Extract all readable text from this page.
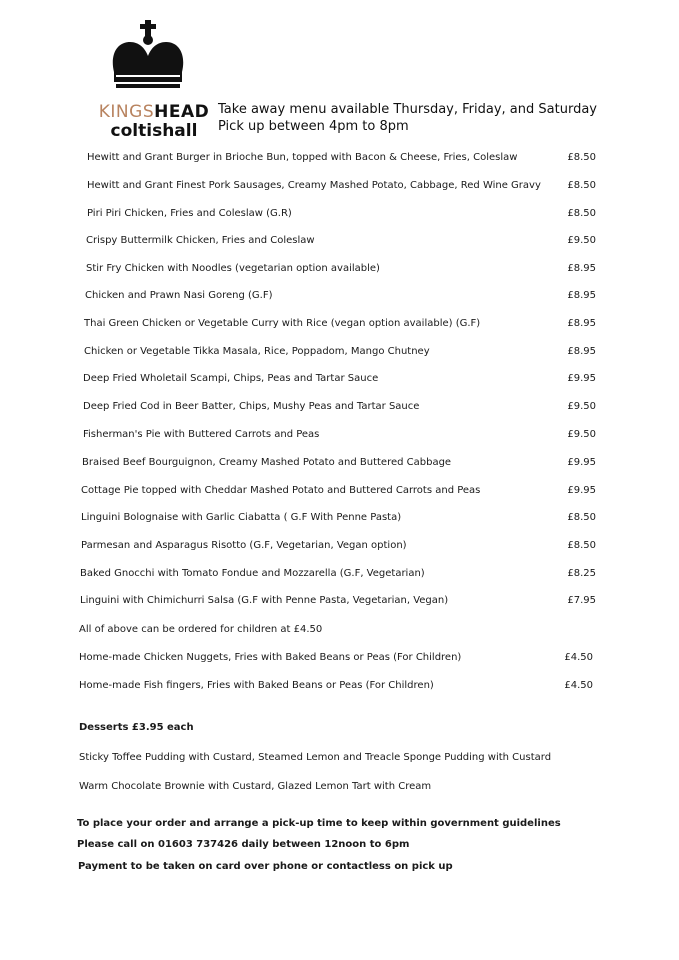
KINGSHEAD
coltishall
Take away menu available Thursday, Friday, and Saturday
Pick up between 4pm to 8pm
Hewitt and Grant Burger in Brioche Bun, topped with Bacon & Cheese, Fries, Coleslaw	£8.50
Hewitt and Grant Finest Pork Sausages, Creamy Mashed Potato, Cabbage, Red Wine Gravy	£8.50
Piri Piri Chicken, Fries and Coleslaw (G.R)	£8.50
Crispy Buttermilk Chicken, Fries and Coleslaw	£9.50
Stir Fry Chicken with Noodles (vegetarian option available)	£8.95
Chicken and Prawn Nasi Goreng (G.F)	£8.95
Thai Green Chicken or Vegetable Curry with Rice (vegan option available) (G.F)	£8.95
Chicken or Vegetable Tikka Masala, Rice, Poppadom, Mango Chutney	£8.95
Deep Fried Wholetail Scampi, Chips, Peas and Tartar Sauce	£9.95
Deep Fried Cod in Beer Batter, Chips, Mushy Peas and Tartar Sauce	£9.50
Fisherman's Pie with Buttered Carrots and Peas	£9.50
Braised Beef Bourguignon, Creamy Mashed Potato and Buttered Cabbage	£9.95
Cottage Pie topped with Cheddar Mashed Potato and Buttered Carrots and Peas	£9.95
Linguini Bolognaise with Garlic Ciabatta ( G.F With Penne Pasta)	£8.50
Parmesan and Asparagus Risotto (G.F, Vegetarian, Vegan option)	£8.50
Baked Gnocchi with Tomato Fondue and Mozzarella (G.F, Vegetarian)	£8.25
Linguini with Chimichurri Salsa (G.F with Penne Pasta, Vegetarian, Vegan)	£7.95
All of above can be ordered for children at £4.50
Home-made Chicken Nuggets, Fries with Baked Beans or Peas (For Children)	£4.50
Home-made Fish fingers, Fries with Baked Beans or Peas (For Children)	£4.50
Desserts £3.95 each
Sticky Toffee Pudding with Custard, Steamed Lemon and Treacle Sponge Pudding with Custard
Warm Chocolate Brownie with Custard, Glazed Lemon Tart with Cream
To place your order and arrange a pick-up time to keep within government guidelines
Please call on 01603 737426 daily between 12noon to 6pm
Payment to be taken on card over phone or contactless on pick up
